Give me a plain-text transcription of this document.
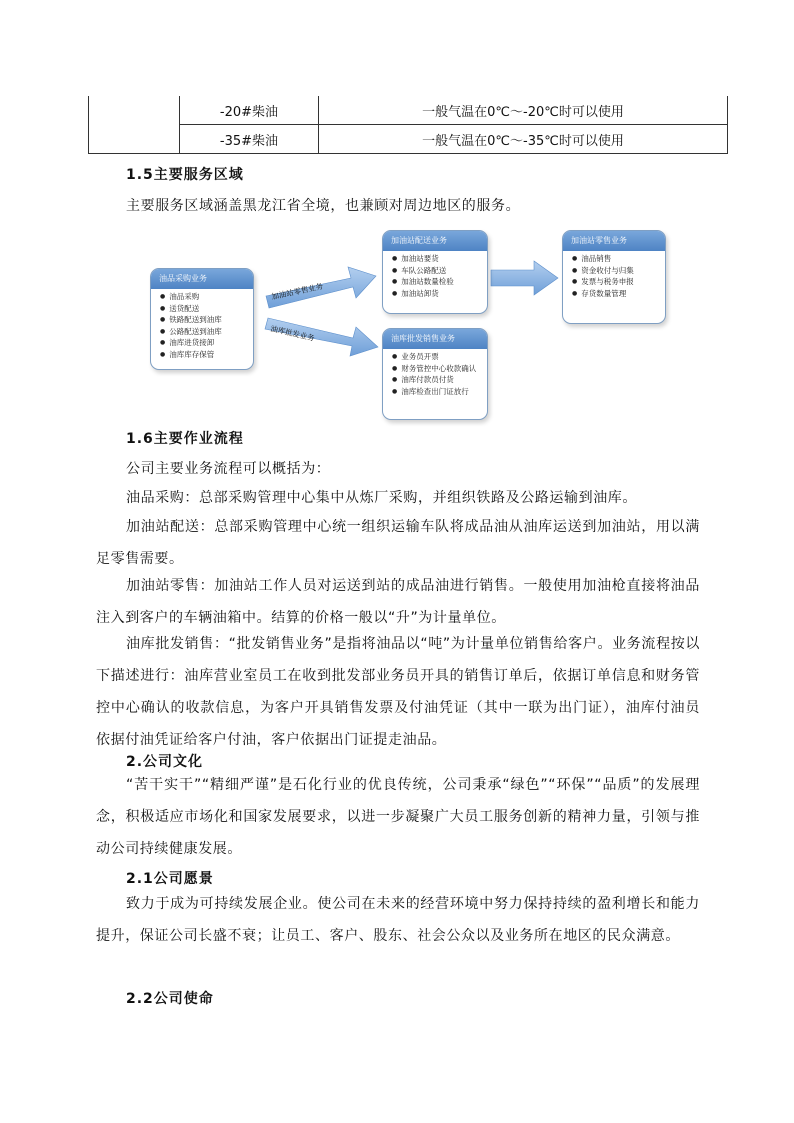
	-20#柴油	一般气温在0℃～-20℃时可以使用
	-35#柴油	一般气温在0℃～-35℃时可以使用
1.5主要服务区域
主要服务区域涵盖黑龙江省全境，也兼顾对周边地区的服务。
加油站零售业务
油库批发业务
油品采购业务
● 油品采购
● 送货配送
● 铁路配送到油库
● 公路配送到油库
● 油库进货接卸
● 油库库存保管
加油站配送业务
● 加油站要货
● 车队公路配送
● 加油站数量检验
● 加油站卸货
加油站零售业务
● 油品销售
● 资金收付与归集
● 发票与税务申报
● 存货数量管理
油库批发销售业务
● 业务员开票
● 财务管控中心收款确认
● 油库付款员付货
● 油库检查出门证放行
1.6主要作业流程
公司主要业务流程可以概括为：
油品采购：总部采购管理中心集中从炼厂采购，并组织铁路及公路运输到油库。
加油站配送：总部采购管理中心统一组织运输车队将成品油从油库运送到加油站，用以满足零售需要。
加油站零售：加油站工作人员对运送到站的成品油进行销售。一般使用加油枪直接将油品注入到客户的车辆油箱中。结算的价格一般以“升”为计量单位。
油库批发销售：“批发销售业务”是指将油品以“吨”为计量单位销售给客户。业务流程按以下描述进行：油库营业室员工在收到批发部业务员开具的销售订单后，依据订单信息和财务管控中心确认的收款信息，为客户开具销售发票及付油凭证（其中一联为出门证），油库付油员依据付油凭证给客户付油，客户依据出门证提走油品。
2.公司文化
“苦干实干”“精细严谨”是石化行业的优良传统，公司秉承“绿色”“环保”“品质”的发展理念，积极适应市场化和国家发展要求，以进一步凝聚广大员工服务创新的精神力量，引领与推动公司持续健康发展。
2.1公司愿景
致力于成为可持续发展企业。使公司在未来的经营环境中努力保持持续的盈利增长和能力提升，保证公司长盛不衰；让员工、客户、股东、社会公众以及业务所在地区的民众满意。
2.2公司使命
